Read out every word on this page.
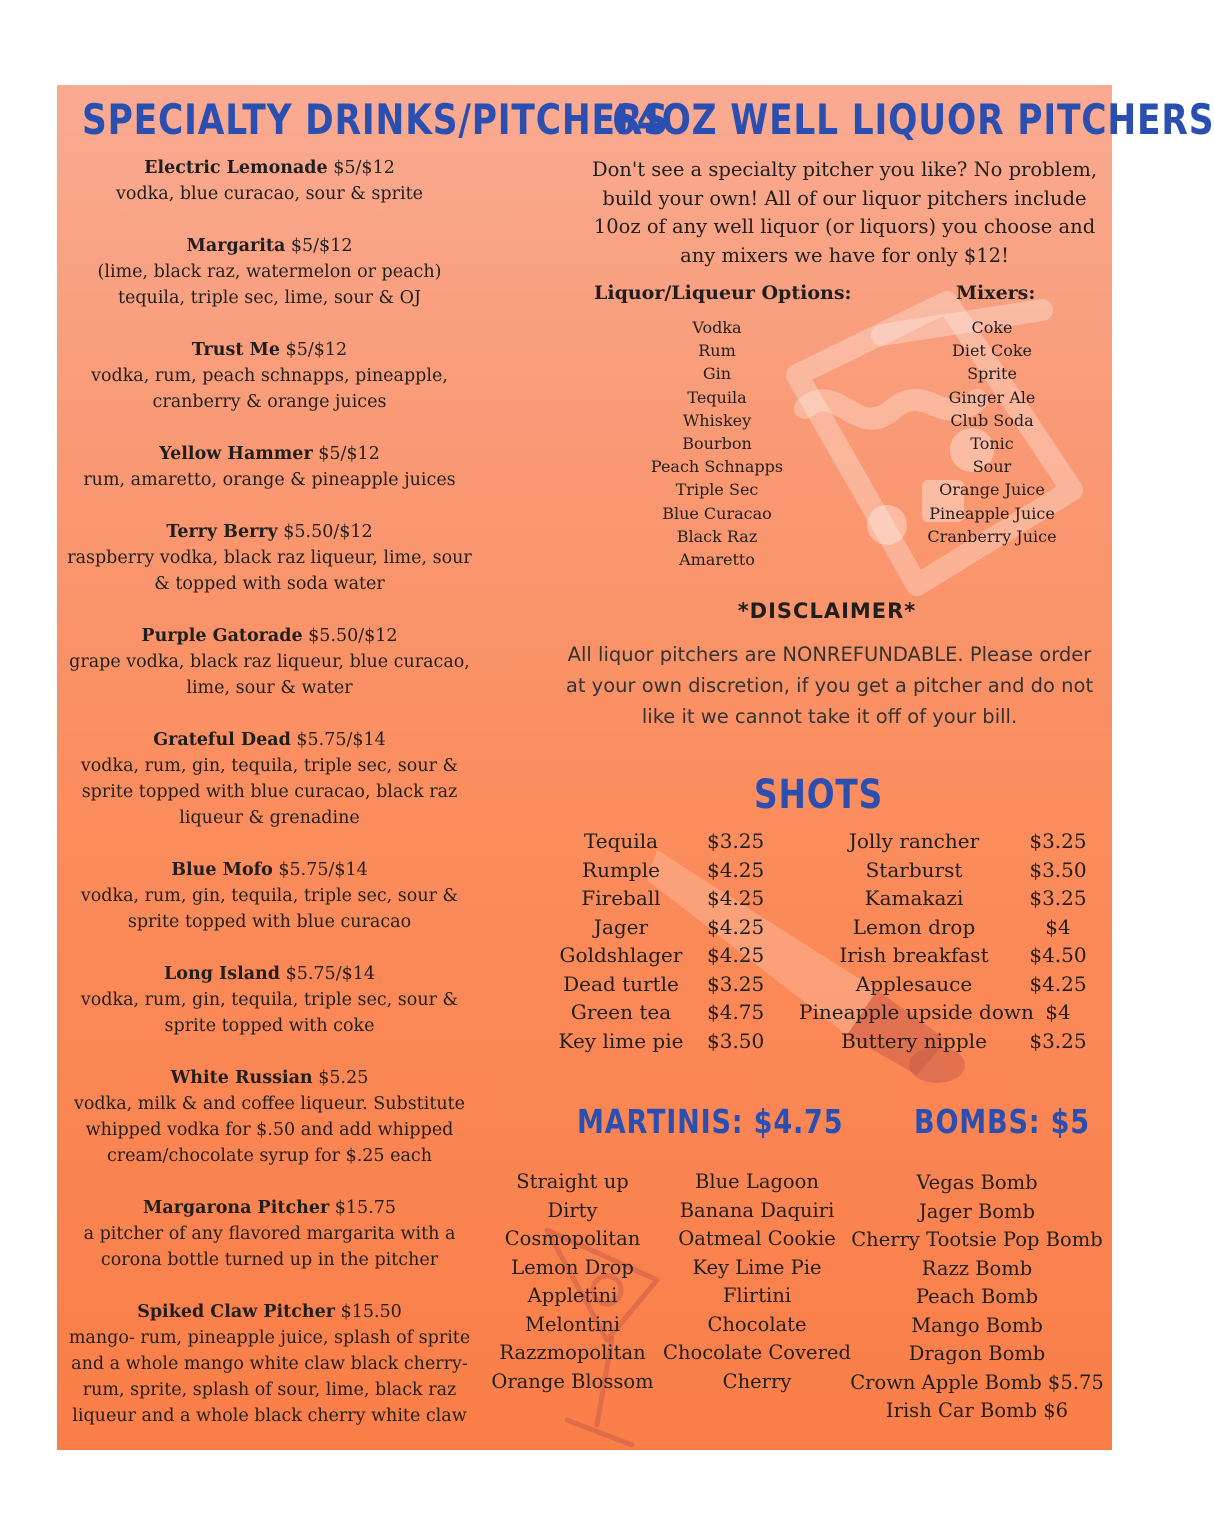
SPECIALTY DRINKS/PITCHERS
64OZ WELL LIQUOR PITCHERS
Electric Lemonade $5/$12
vodka, blue curacao, sour & sprite
Margarita $5/$12
(lime, black raz, watermelon or peach) tequila, triple sec, lime, sour & OJ
Trust Me $5/$12
vodka, rum, peach schnapps, pineapple, cranberry & orange juices
Yellow Hammer $5/$12
rum, amaretto, orange & pineapple juices
Terry Berry $5.50/$12
raspberry vodka, black raz liqueur, lime, sour & topped with soda water
Purple Gatorade $5.50/$12
grape vodka, black raz liqueur, blue curacao, lime, sour & water
Grateful Dead $5.75/$14
vodka, rum, gin, tequila, triple sec, sour & sprite topped with blue curacao, black raz liqueur & grenadine
Blue Mofo $5.75/$14
vodka, rum, gin, tequila, triple sec, sour & sprite topped with blue curacao
Long Island $5.75/$14
vodka, rum, gin, tequila, triple sec, sour & sprite topped with coke
White Russian $5.25
vodka, milk & and coffee liqueur. Substitute whipped vodka for $.50 and add whipped cream/chocolate syrup for $.25 each
Margarona Pitcher $15.75
a pitcher of any flavored margarita with a corona bottle turned up in the pitcher
Spiked Claw Pitcher $15.50
mango- rum, pineapple juice, splash of sprite and a whole mango white claw black cherry- rum, sprite, splash of sour, lime, black raz liqueur and a whole black cherry white claw
Don't see a specialty pitcher you like? No problem, build your own! All of our liquor pitchers include 10oz of any well liquor (or liquors) you choose and any mixers we have for only $12!
Liquor/Liqueur Options:	Mixers:
Vodka
Rum
Gin
Tequila
Whiskey
Bourbon
Peach Schnapps
Triple Sec
Blue Curacao
Black Raz
Amaretto
Coke
Diet Coke
Sprite
Ginger Ale
Club Soda
Tonic
Sour
Orange Juice
Pineapple Juice
Cranberry Juice
*DISCLAIMER*
All liquor pitchers are NONREFUNDABLE. Please order at your own discretion, if you get a pitcher and do not like it we cannot take it off of your bill.
SHOTS
Tequila
Rumple
Fireball
Jager
Goldshlager
Dead turtle
Green tea
Key lime pie
$3.25
$4.25
$4.25
$4.25
$4.25
$3.25
$4.75
$3.50
Jolly rancher
Starburst
Kamakazi
Lemon drop
Irish breakfast
Applesauce
Pineapple upside down
Buttery nipple
$3.25
$3.50
$3.25
$4
$4.50
$4.25
$4
$3.25
MARTINIS: $4.75 BOMBS: $5
Straight up
Dirty
Cosmopolitan
Lemon Drop
Appletini
Melontini
Razzmopolitan
Orange Blossom
Blue Lagoon
Banana Daquiri
Oatmeal Cookie
Key Lime Pie
Flirtini
Chocolate
Chocolate Covered
Cherry
Vegas Bomb
Jager Bomb
Cherry Tootsie Pop Bomb
Razz Bomb
Peach Bomb
Mango Bomb
Dragon Bomb
Crown Apple Bomb $5.75
Irish Car Bomb $6
